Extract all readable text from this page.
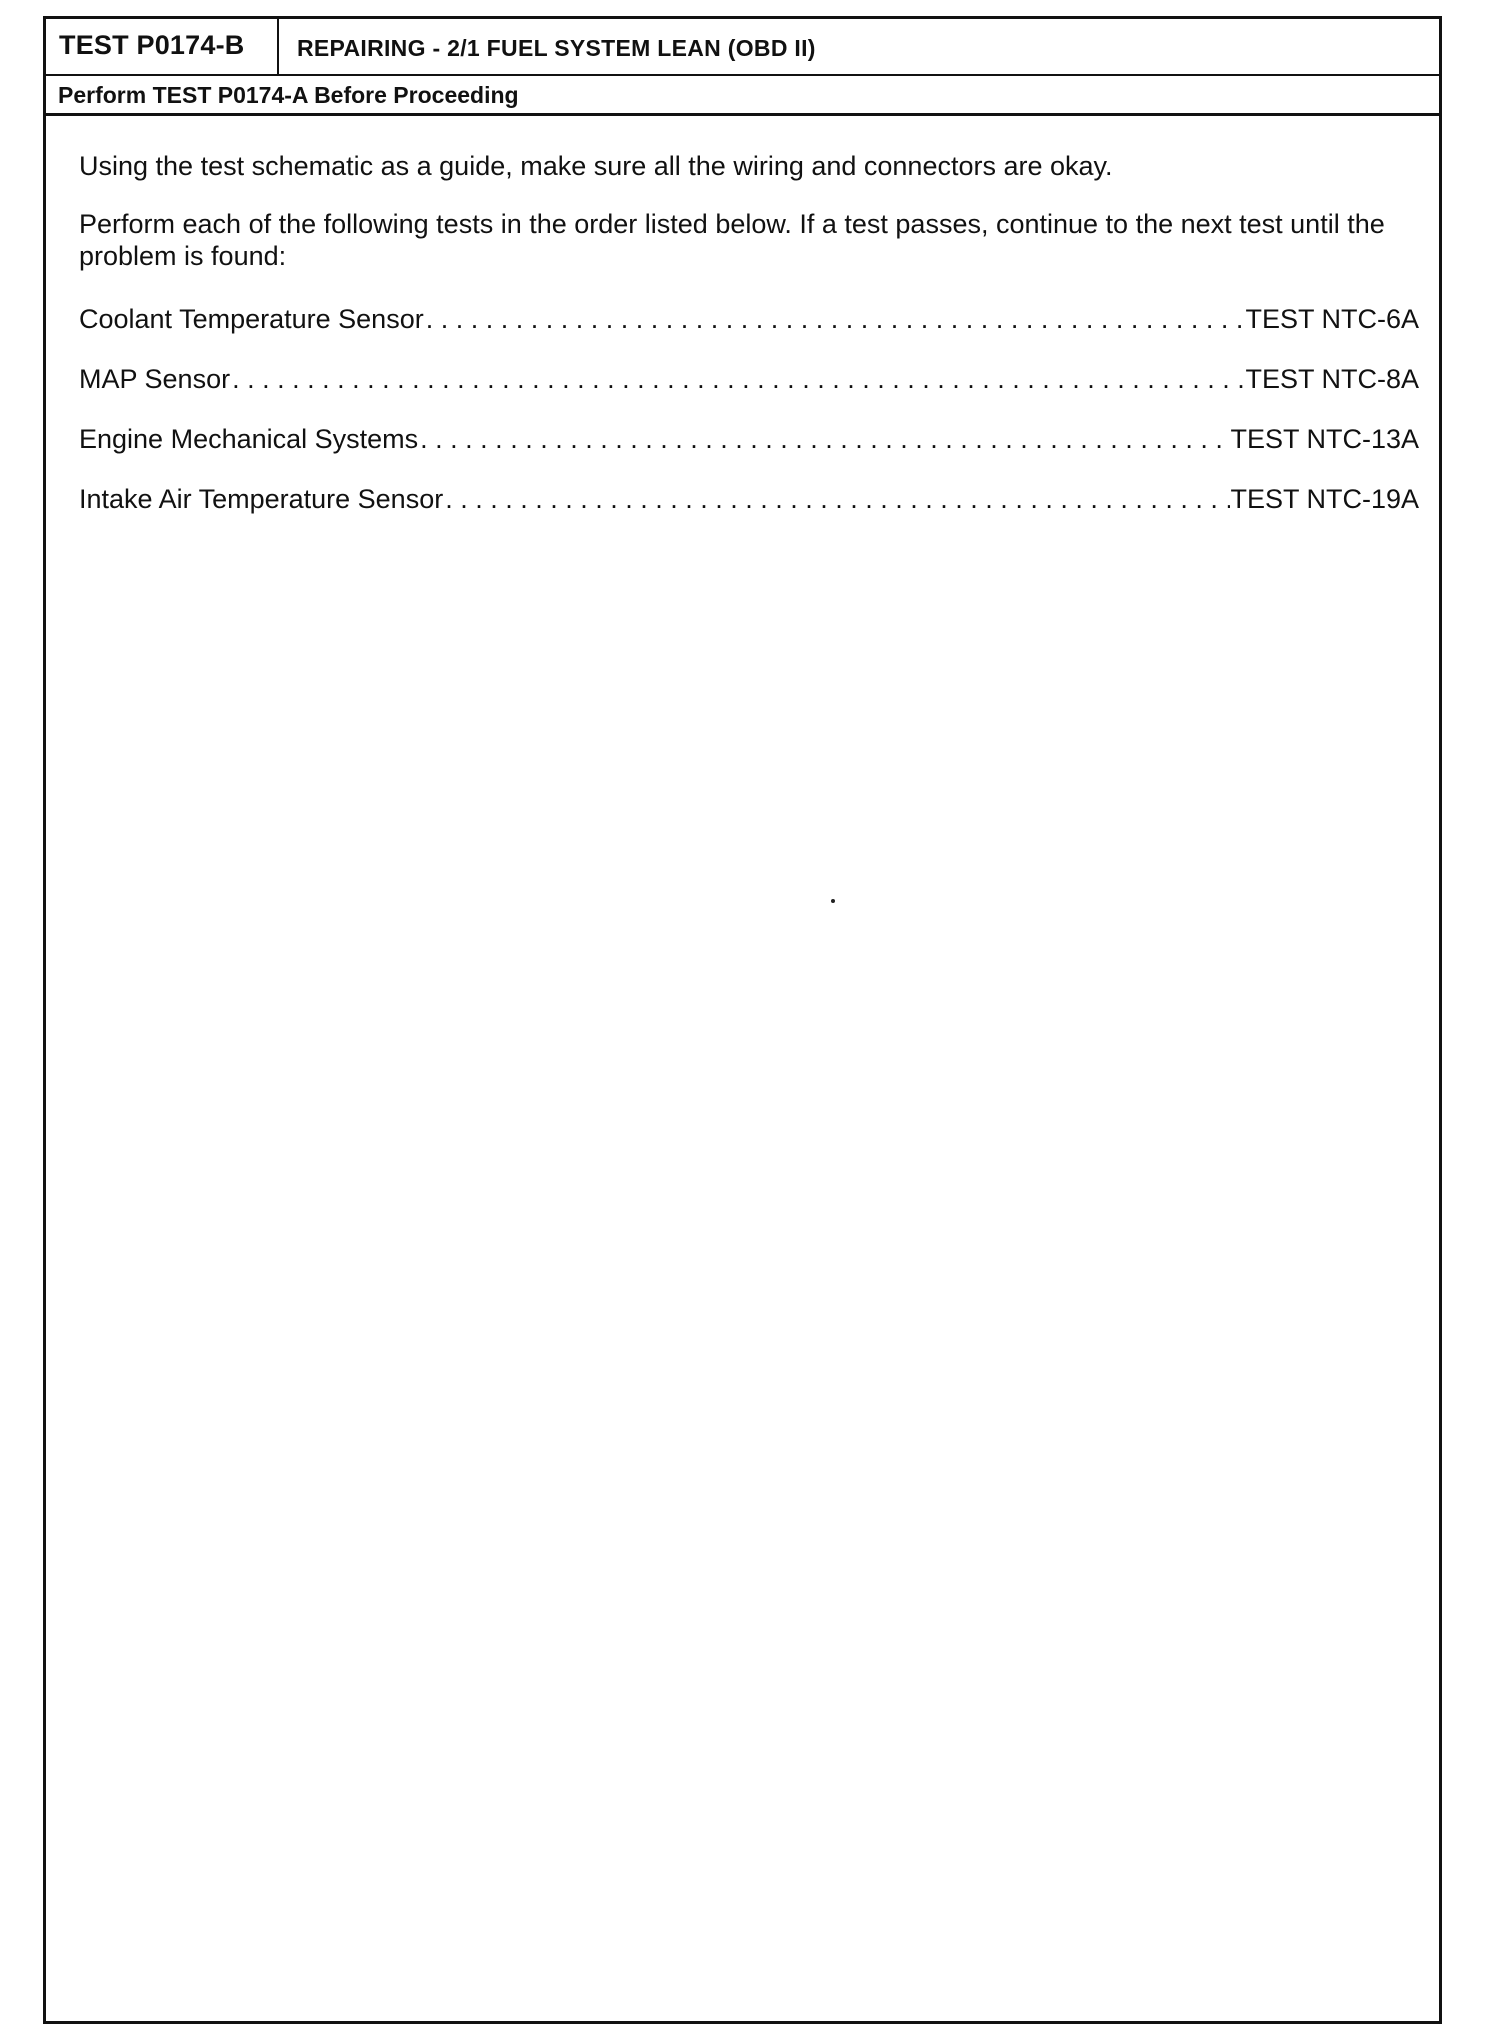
TEST P0174-B	REPAIRING - 2/1 FUEL SYSTEM LEAN (OBD II)
Perform TEST P0174-A Before Proceeding
Using the test schematic as a guide, make sure all the wiring and connectors are okay.
Perform each of the following tests in the order listed below. If a test passes, continue to the next test until the problem is found:
Coolant Temperature Sensor . . .	TEST NTC-6A
MAP Sensor . . .	TEST NTC-8A
Engine Mechanical Systems . . .	TEST NTC-13A
Intake Air Temperature Sensor . . .	TEST NTC-19A
